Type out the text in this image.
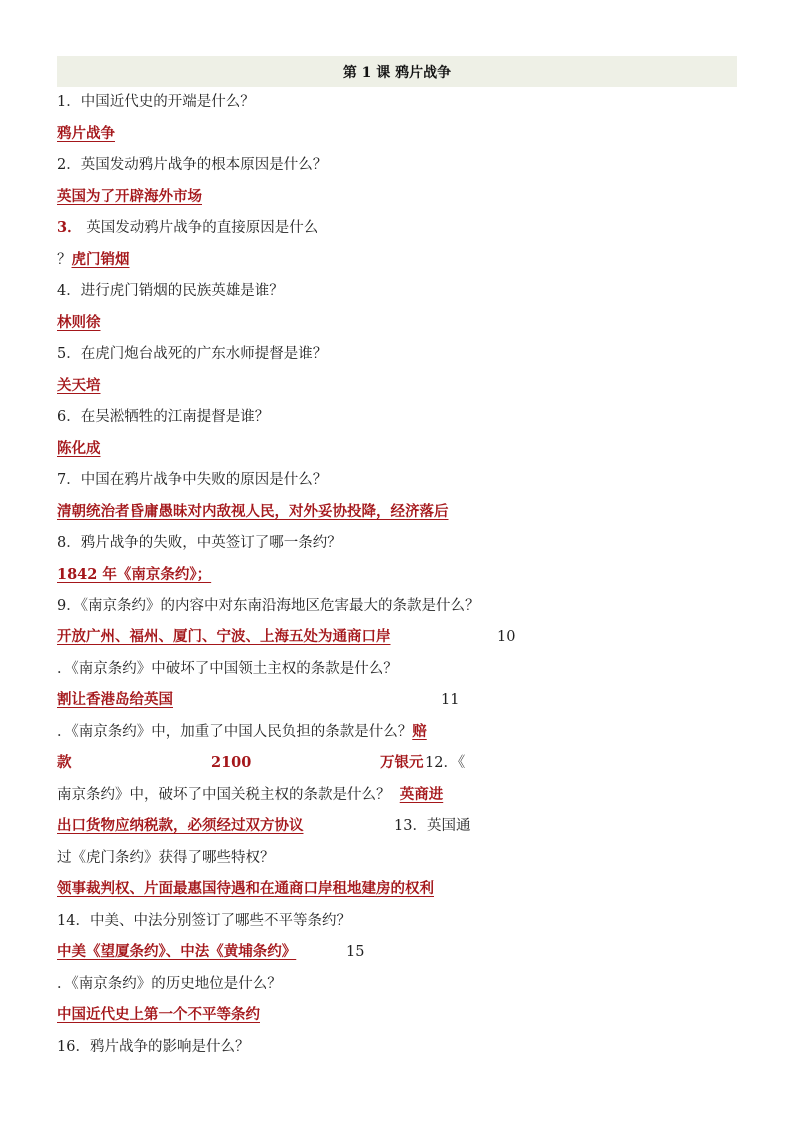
第 1 课 鸦片战争
1．中国近代史的开端是什么？
鸦片战争
2．英国发动鸦片战争的根本原因是什么？
英国为了开辟海外市场
3． 英国发动鸦片战争的直接原因是什么
？虎门销烟
4．进行虎门销烟的民族英雄是谁？
林则徐
5．在虎门炮台战死的广东水师提督是谁？
关天培
6．在吴淞牺牲的江南提督是谁？
陈化成
7．中国在鸦片战争中失败的原因是什么？
清朝统治者昏庸愚昧对内敌视人民，对外妥协投降，经济落后
8．鸦片战争的失败，中英签订了哪一条约？
1842 年《南京条约》；
9．《南京条约》的内容中对东南沿海地区危害最大的条款是什么？
开放广州、福州、厦门、宁波、上海五处为通商口岸	10
．《南京条约》中破坏了中国领土主权的条款是什么？
割让香港岛给英国	11
．《南京条约》中，加重了中国人民负担的条款是什么？赔
款	2100	万银元 12．《
南京条约》中，破坏了中国关税主权的条款是什么？ 英商进
出口货物应纳税款，必须经过双方协议	13．英国通
过《虎门条约》获得了哪些特权？
领事裁判权、片面最惠国待遇和在通商口岸租地建房的权利
14．中美、中法分别签订了哪些不平等条约？
中美《望厦条约》、中法《黄埔条约》	15
．《南京条约》的历史地位是什么？
中国近代史上第一个不平等条约
16．鸦片战争的影响是什么？
